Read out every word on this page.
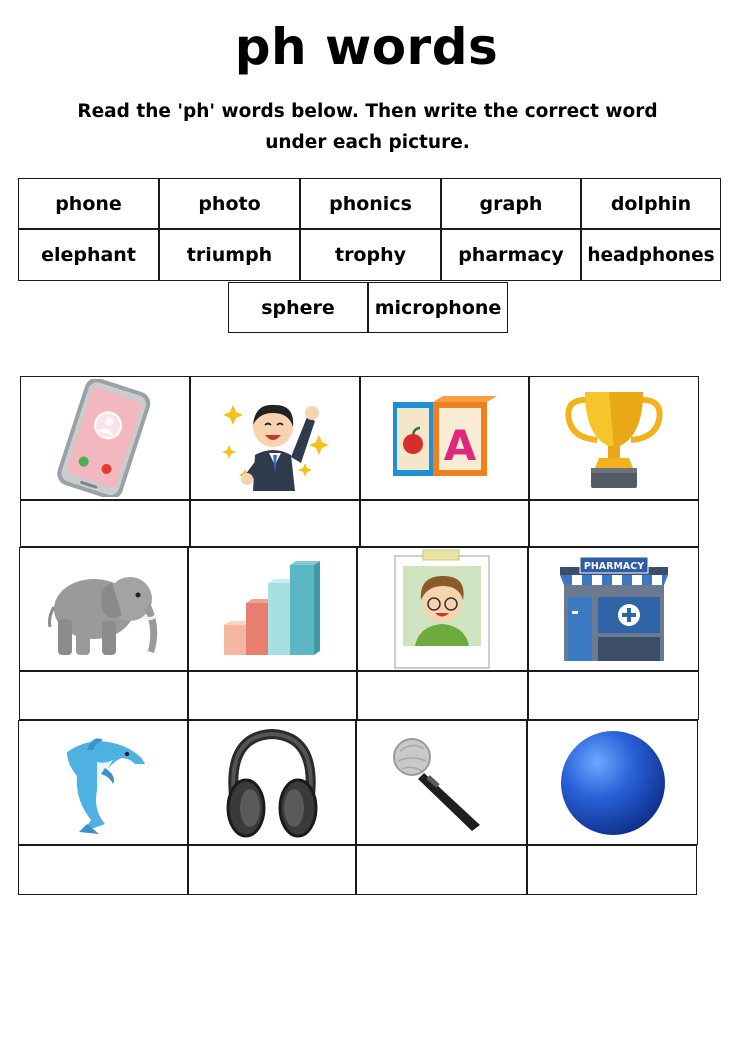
ph words
Read the 'ph' words below. Then write the correct word
under each picture.
phone	photo	phonics	graph	dolphin
elephant	triumph	trophy	pharmacy	headphones
sphere	microphone
A
PHARMACY
